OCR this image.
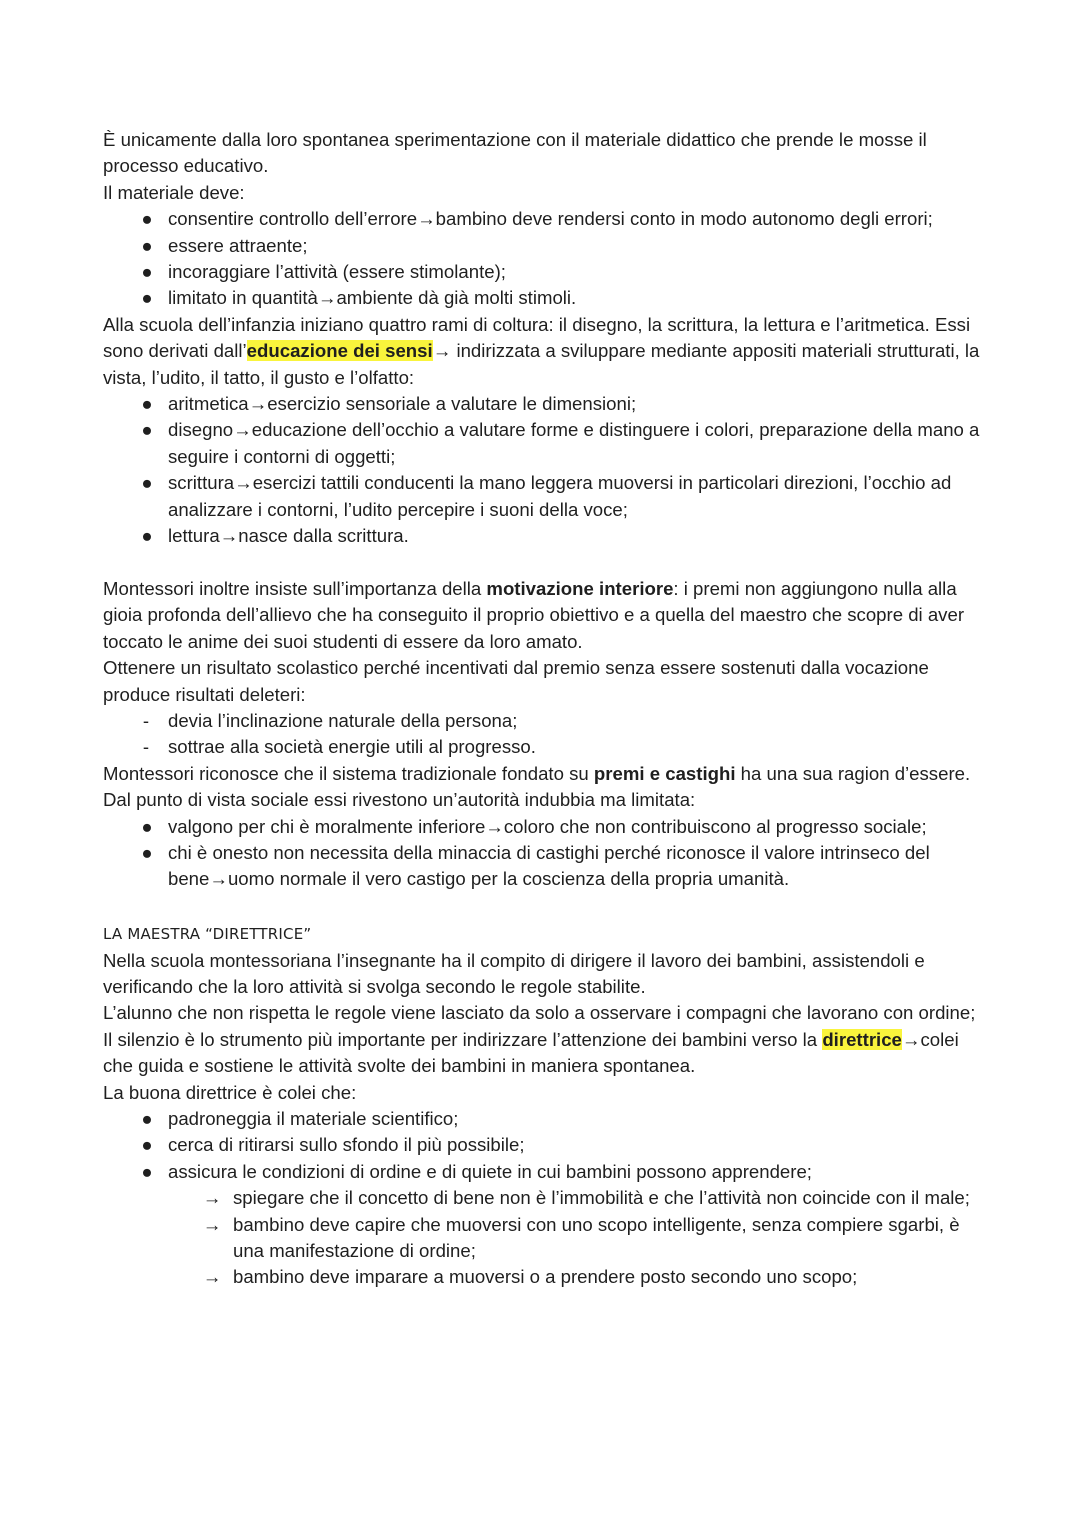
È unicamente dalla loro spontanea sperimentazione con il materiale didattico che prende le mosse il processo educativo.

Il materiale deve:

● consentire controllo dell’errore→bambino deve rendersi conto in modo autonomo degli errori;
● essere attraente;
● incoraggiare l’attività (essere stimolante);
● limitato in quantità→ambiente dà già molti stimoli.

Alla scuola dell’infanzia iniziano quattro rami di coltura: il disegno, la scrittura, la lettura e l’aritmetica. Essi sono derivati dall’educazione dei sensi→ indirizzata a sviluppare mediante appositi materiali strutturati, la vista, l’udito, il tatto, il gusto e l’olfatto:

● aritmetica→esercizio sensoriale a valutare le dimensioni;
● disegno→educazione dell’occhio a valutare forme e distinguere i colori, preparazione della mano a seguire i contorni di oggetti;
● scrittura→esercizi tattili conducenti la mano leggera muoversi in particolari direzioni, l’occhio ad analizzare i contorni, l’udito percepire i suoni della voce;
● lettura→nasce dalla scrittura.

Montessori inoltre insiste sull’importanza della motivazione interiore: i premi non aggiungono nulla alla gioia profonda dell’allievo che ha conseguito il proprio obiettivo e a quella del maestro che scopre di aver toccato le anime dei suoi studenti di essere da loro amato.

Ottenere un risultato scolastico perché incentivati dal premio senza essere sostenuti dalla vocazione produce risultati deleteri:

-	devia l’inclinazione naturale della persona;
-	sottrae alla società energie utili al progresso.

Montessori riconosce che il sistema tradizionale fondato su premi e castighi ha una sua ragion d’essere.

Dal punto di vista sociale essi rivestono un’autorità indubbia ma limitata:

● valgono per chi è moralmente inferiore→coloro che non contribuiscono al progresso sociale;
● chi è onesto non necessita della minaccia di castighi perché riconosce il valore intrinseco del bene→uomo normale il vero castigo per la coscienza della propria umanità.
LA MAESTRA “DIRETTRICE”

Nella scuola montessoriana l’insegnante ha il compito di dirigere il lavoro dei bambini, assistendoli e verificando che la loro attività si svolga secondo le regole stabilite.

L’alunno che non rispetta le regole viene lasciato da solo a osservare i compagni che lavorano con ordine;

Il silenzio è lo strumento più importante per indirizzare l’attenzione dei bambini verso la direttrice→colei che guida e sostiene le attività svolte dei bambini in maniera spontanea.

La buona direttrice è colei che:

● padroneggia il materiale scientifico;
● cerca di ritirarsi sullo sfondo il più possibile;
● assicura le condizioni di ordine e di quiete in cui bambini possono apprendere;
→ spiegare che il concetto di bene non è l’immobilità e che l’attività non coincide con il male;
→ bambino deve capire che muoversi con uno scopo intelligente, senza compiere sgarbi, è una manifestazione di ordine;
→ bambino deve imparare a muoversi o a prendere posto secondo uno scopo;
